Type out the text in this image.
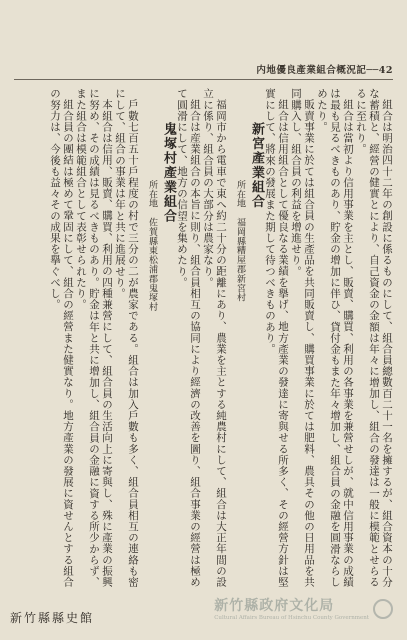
内地優良產業組合概況記──42

組合は明治四十二年の創設に係るものにして、組合員總數百二十一名を擁するが、組合資本の十分な蓄積と、經營の健實とにより、自己資金の金額は年々に增加し、組合の發達は一般に模範とせらるるに至れり。

組合は當初より信用事業を主とし、販賣、購買、利用の各事業を兼營せしが、就中信用事業の成績は最も見るべきものあり、貯金の增加に伴ひ、貸付金もまた年々增加し、組合員の金融を圓滑ならしめたり。

販賣事業に於ては組合員の生產品を共同販賣し、購買事業に於ては肥料、農具その他の日用品を共同購入し、組合員の利益を增進せり。

組合は信用組合として優良なる業績を擧げ、地方產業の發達に寄與せる所多く、その經營方針は堅實にして、將來の發展また期して待つべきものあり。

新宮產業組合
所在地　福岡縣糟屋郡新宮村

福岡市から電車で東へ約二十分の距離にあり、農業を主とする純農村にして、組合は大正年間の設立に係り、組合員の大部分は農家なり。

組合は産業組合の本旨に則り、組合員相互の協同により經濟の改善を圖り、組合事業の經營は極めて圓滑にして、地方の信望を集めたり。

鬼塚村產業組合
所在地　佐賀縣東松浦郡鬼塚村

戶數七百五十戶程度の村で三分の二が農家である。組合は加入戶數も多く、組合員相互の連絡も密にして、組合の事業は年と共に進展せり。

本組合は信用、販賣、購買、利用の四種兼營にして、組合員の生活向上に寄與し、殊に產業の振興に努め、その成績は見るべきものあり。貯金は年と共に增加し、組合員の金融に資する所少からず、また組合は模範組合として表彰せられたり。

組合員の團結は極めて鞏固にして、組合の經營また健實なり。地方產業の發展に資せんとする組合の努力は、今後も益々その成果を擧ぐべし。

新竹縣縣史館
新竹縣政府文化局
Cultural Affairs Bureau of Hsinchu County Government
